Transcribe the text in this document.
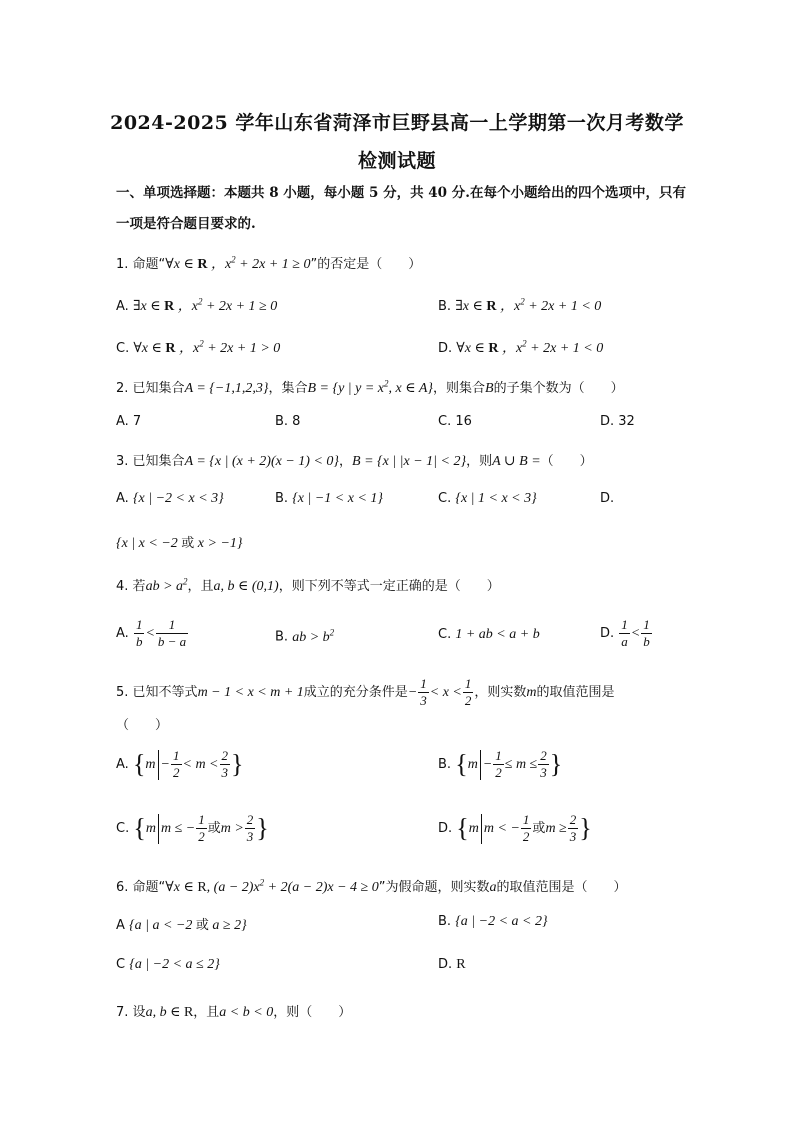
2024-2025 学年山东省菏泽市巨野县高一上学期第一次月考数学
检测试题
一、单项选择题：本题共 8 小题，每小题 5 分，共 40 分.在每个小题给出的四个选项中，只有一项是符合题目要求的.
1. 命题“∀x ∈ R ，$x^2 + 2x + 1 \ge 0$”的否定是（　　）
A. ∃x ∈ R ，$x^2 + 2x + 1 \ge 0$	B. ∃x ∈ R ，$x^2 + 2x + 1 < 0$
C. ∀x ∈ R ，$x^2 + 2x + 1 > 0$	D. ∀x ∈ R ，$x^2 + 2x + 1 < 0$
2. 已知集合A = {−1,1,2,3}，集合B = {y | $y = x^2$, x ∈ A}，则集合B的子集个数为（　　）
A. 7	B. 8	C. 16	D. 32
3. 已知集合A = {x | (x + 2)(x − 1) < 0}，B = {x | |x − 1| < 2}，则A ∪ B =（　　）
A. {x | −2 < x < 3}	B. {x | −1 < x < 1}	C. {x | 1 < x < 3}	D.
{x | x < −2 或 x > −1}
4. 若ab > $a^2$，且a, b ∈ (0,1)，则下列不等式一定正确的是（　　）
A. $\frac{1}{b} < \frac{1}{b - a}$	B. ab > $b^2$	C. 1 + ab < a + b	D. $\frac{1}{a} < \frac{1}{b}$
5. 已知不等式m − 1 < x < m + 1成立的充分条件是− $\frac{1}{3} < x < \frac{1}{2}$ ，则实数m的取值范围是
（　　）
A. {$m - \frac{1}{2} < m < \frac{2}{3}$ }	B. {$m - \frac{1}{2} \le m \le \frac{2}{3}$ }
C. {m m ≤ − $\frac{1}{2}$ 或$m > \frac{2}{3}$ }	D. {m m < − $\frac{1}{2}$ 或$m \ge \frac{2}{3}$ }
6. 命题“∀x ∈ R, $(a - 2)x^2 + 2(a - 2)x - 4 \ge 0$”为假命题，则实数a的取值范围是（　　）
A {a | a < −2 或 a ≥ 2}	B. {a | −2 < a < 2}
C {a | −2 < a ≤ 2}	D. R
7. 设a, b ∈ R，且a < b < 0，则（　　）
